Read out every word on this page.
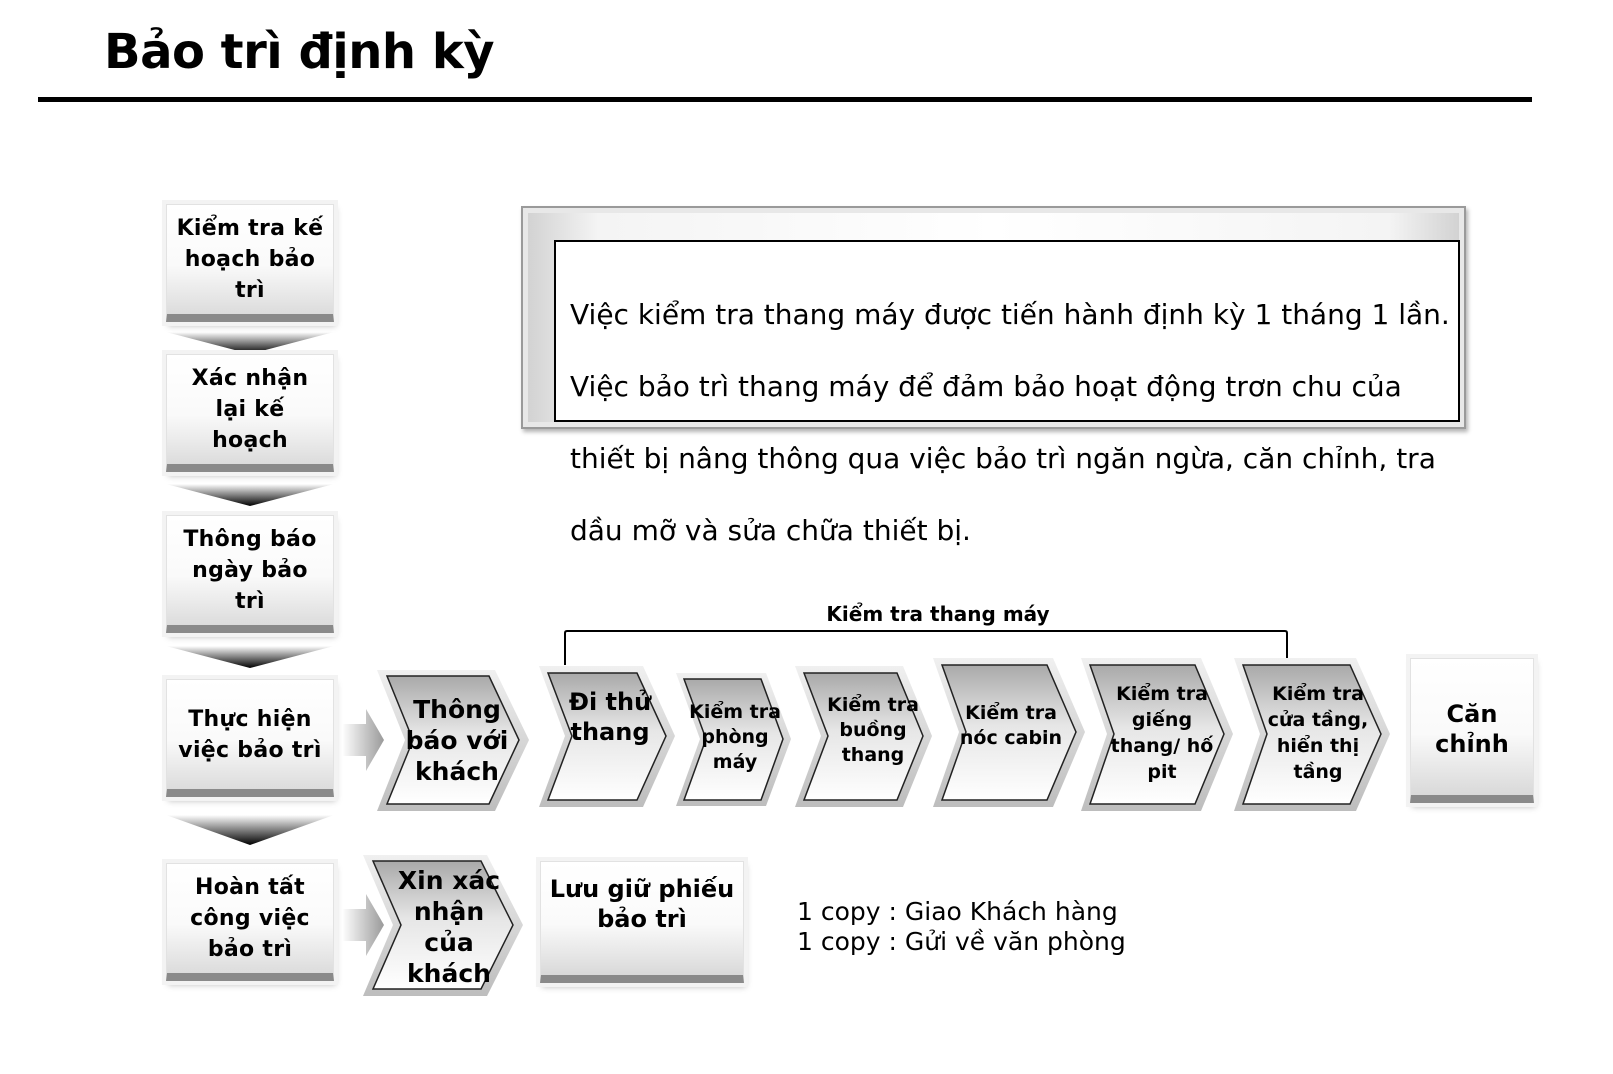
Bảo trì định kỳ

Việc kiểm tra thang máy được tiến hành định kỳ 1 tháng 1 lần.

Việc bảo trì thang máy để đảm bảo hoạt động trơn chu của

thiết bị nâng thông qua việc bảo trì ngăn ngừa, căn chỉnh, tra

dầu mỡ và sửa chữa thiết bị.

Kiểm tra kế hoạch bảo trì
Xác nhận lại kế hoạch
Thông báo ngày bảo trì
Thực hiện việc bảo trì
Hoàn tất công việc bảo trì
Kiểm tra thang máy
Thông báo với khách
Đi thử thang
Kiểm tra phòng máy
Kiểm tra buồng thang
Kiểm tra nóc cabin
Kiểm tra giếng thang/ hố pit
Kiểm tra cửa tầng, hiển thị tầng
Căn chỉnh
Xin xác nhận của khách
Lưu giữ phiếu bảo trì	1 copy : Giao Khách hàng
1 copy : Gửi về văn phòng
